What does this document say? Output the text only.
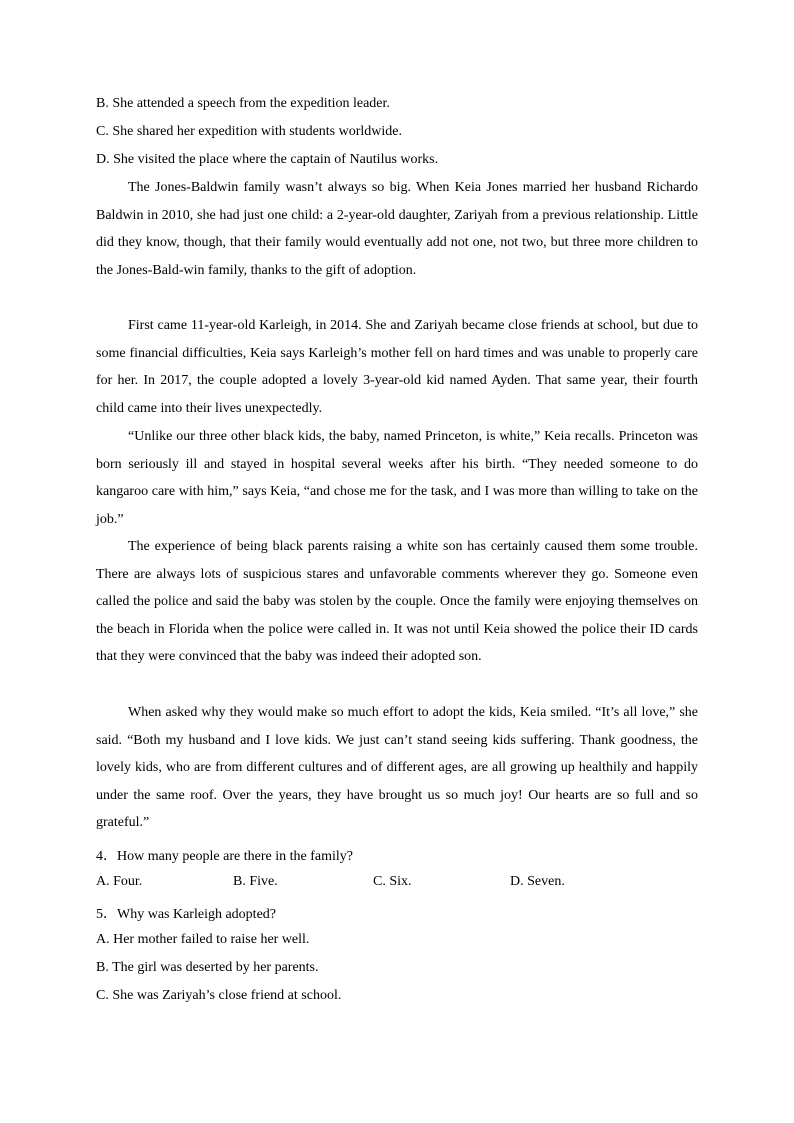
B. She attended a speech from the expedition leader.
C. She shared her expedition with students worldwide.
D. She visited the place where the captain of Nautilus works.
The Jones-Baldwin family wasn’t always so big. When Keia Jones married her husband Richardo Baldwin in 2010, she had just one child: a 2-year-old daughter, Zariyah from a previous relationship. Little did they know, though, that their family would eventually add not one, not two, but three more children to the Jones-Bald-win family, thanks to the gift of adoption.
First came 11-year-old Karleigh, in 2014. She and Zariyah became close friends at school, but due to some financial difficulties, Keia says Karleigh’s mother fell on hard times and was unable to properly care for her. In 2017, the couple adopted a lovely 3-year-old kid named Ayden. That same year, their fourth child came into their lives unexpectedly.
“Unlike our three other black kids, the baby, named Princeton, is white,” Keia recalls. Princeton was born seriously ill and stayed in hospital several weeks after his birth. “They needed someone to do kangaroo care with him,” says Keia, “and chose me for the task, and I was more than willing to take on the job.”
The experience of being black parents raising a white son has certainly caused them some trouble. There are always lots of suspicious stares and unfavorable comments wherever they go. Someone even called the police and said the baby was stolen by the couple. Once the family were enjoying themselves on the beach in Florida when the police were called in. It was not until Keia showed the police their ID cards that they were convinced that the baby was indeed their adopted son.
When asked why they would make so much effort to adopt the kids, Keia smiled. “It’s all love,” she said. “Both my husband and I love kids. We just can’t stand seeing kids suffering. Thank goodness, the lovely kids, who are from different cultures and of different ages, are all growing up healthily and happily under the same roof. Over the years, they have brought us so much joy! Our hearts are so full and so grateful.”
4．How many people are there in the family?
A. Four.	B. Five.	C. Six.	D. Seven.
5．Why was Karleigh adopted?
A. Her mother failed to raise her well.
B. The girl was deserted by her parents.
C. She was Zariyah’s close friend at school.
